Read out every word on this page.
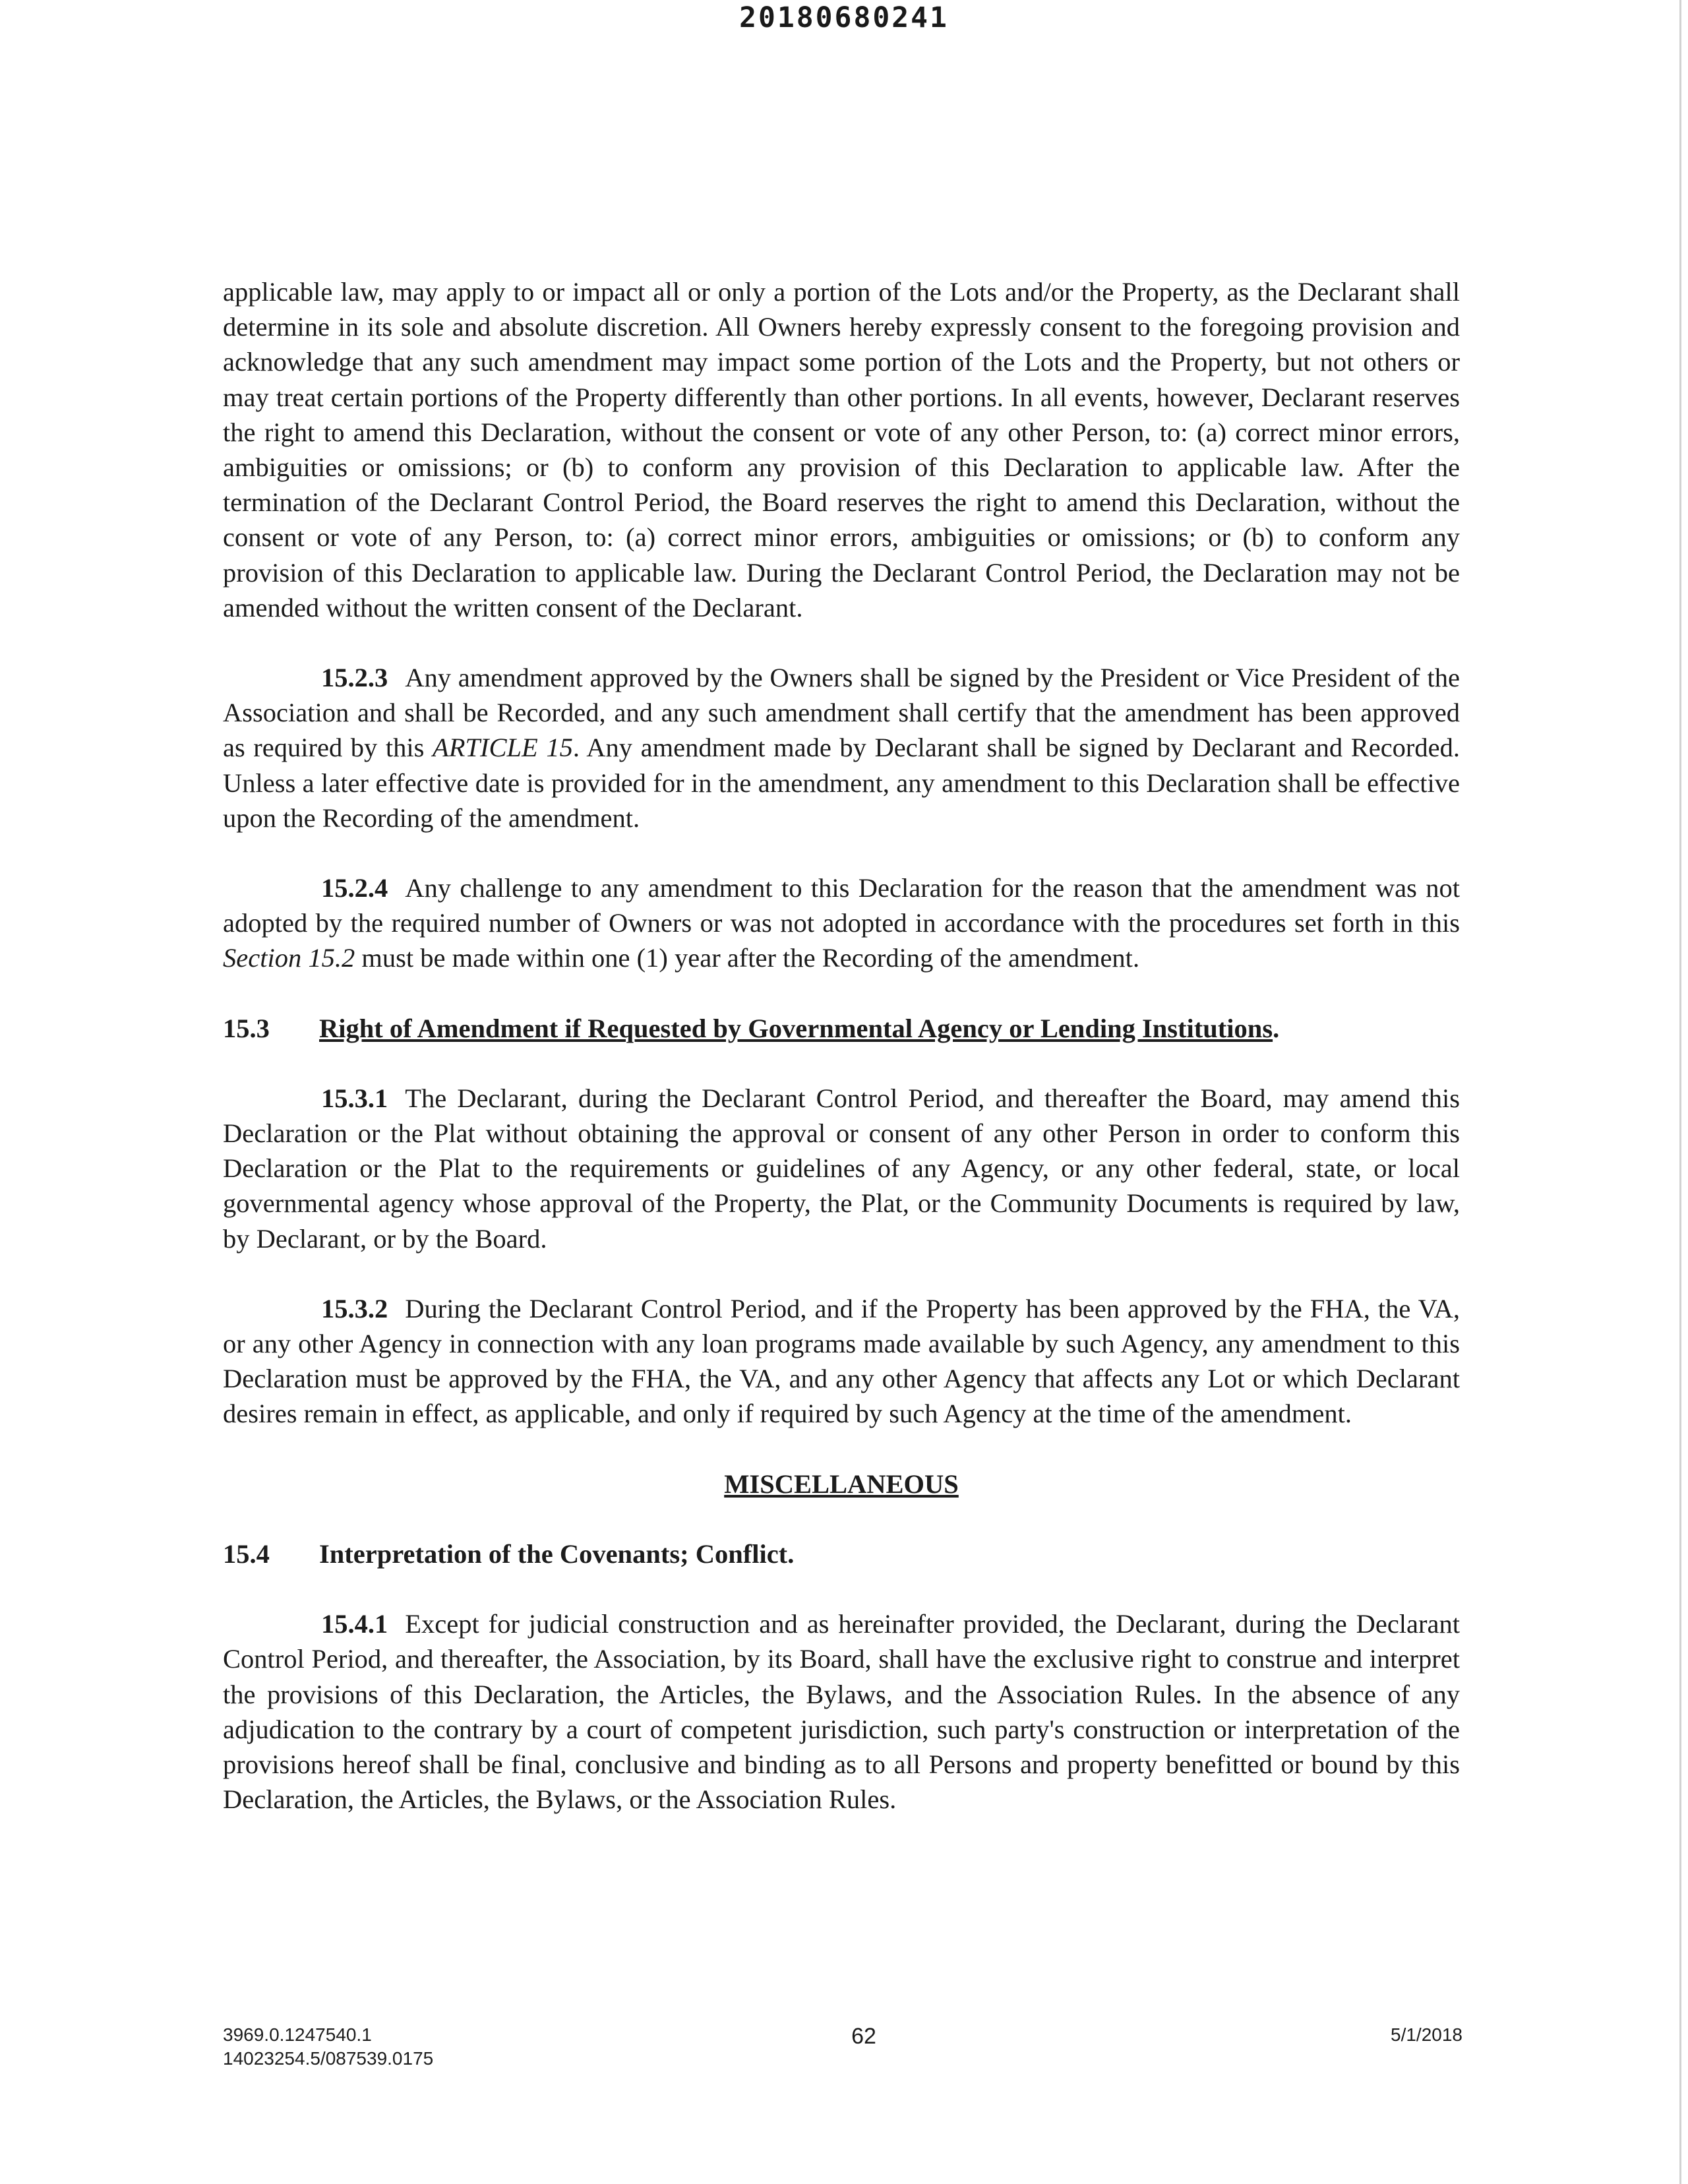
20180680241

applicable law, may apply to or impact all or only a portion of the Lots and/or the Property, as the Declarant shall determine in its sole and absolute discretion. All Owners hereby expressly consent to the foregoing provision and acknowledge that any such amendment may impact some portion of the Lots and the Property, but not others or may treat certain portions of the Property differently than other portions. In all events, however, Declarant reserves the right to amend this Declaration, without the consent or vote of any other Person, to: (a) correct minor errors, ambiguities or omissions; or (b) to conform any provision of this Declaration to applicable law. After the termination of the Declarant Control Period, the Board reserves the right to amend this Declaration, without the consent or vote of any Person, to: (a) correct minor errors, ambiguities or omissions; or (b) to conform any provision of this Declaration to applicable law. During the Declarant Control Period, the Declaration may not be amended without the written consent of the Declarant.

15.2.3 Any amendment approved by the Owners shall be signed by the President or Vice President of the Association and shall be Recorded, and any such amendment shall certify that the amendment has been approved as required by this ARTICLE 15. Any amendment made by Declarant shall be signed by Declarant and Recorded. Unless a later effective date is provided for in the amendment, any amendment to this Declaration shall be effective upon the Recording of the amendment.

15.2.4 Any challenge to any amendment to this Declaration for the reason that the amendment was not adopted by the required number of Owners or was not adopted in accordance with the procedures set forth in this Section 15.2 must be made within one (1) year after the Recording of the amendment.

15.3 Right of Amendment if Requested by Governmental Agency or Lending Institutions.

15.3.1 The Declarant, during the Declarant Control Period, and thereafter the Board, may amend this Declaration or the Plat without obtaining the approval or consent of any other Person in order to conform this Declaration or the Plat to the requirements or guidelines of any Agency, or any other federal, state, or local governmental agency whose approval of the Property, the Plat, or the Community Documents is required by law, by Declarant, or by the Board.

15.3.2 During the Declarant Control Period, and if the Property has been approved by the FHA, the VA, or any other Agency in connection with any loan programs made available by such Agency, any amendment to this Declaration must be approved by the FHA, the VA, and any other Agency that affects any Lot or which Declarant desires remain in effect, as applicable, and only if required by such Agency at the time of the amendment.

MISCELLANEOUS

15.4 Interpretation of the Covenants; Conflict.

15.4.1 Except for judicial construction and as hereinafter provided, the Declarant, during the Declarant Control Period, and thereafter, the Association, by its Board, shall have the exclusive right to construe and interpret the provisions of this Declaration, the Articles, the Bylaws, and the Association Rules. In the absence of any adjudication to the contrary by a court of competent jurisdiction, such party's construction or interpretation of the provisions hereof shall be final, conclusive and binding as to all Persons and property benefitted or bound by this Declaration, the Articles, the Bylaws, or the Association Rules.

3969.0.1247540.1
14023254.5/087539.0175
62	5/1/2018
